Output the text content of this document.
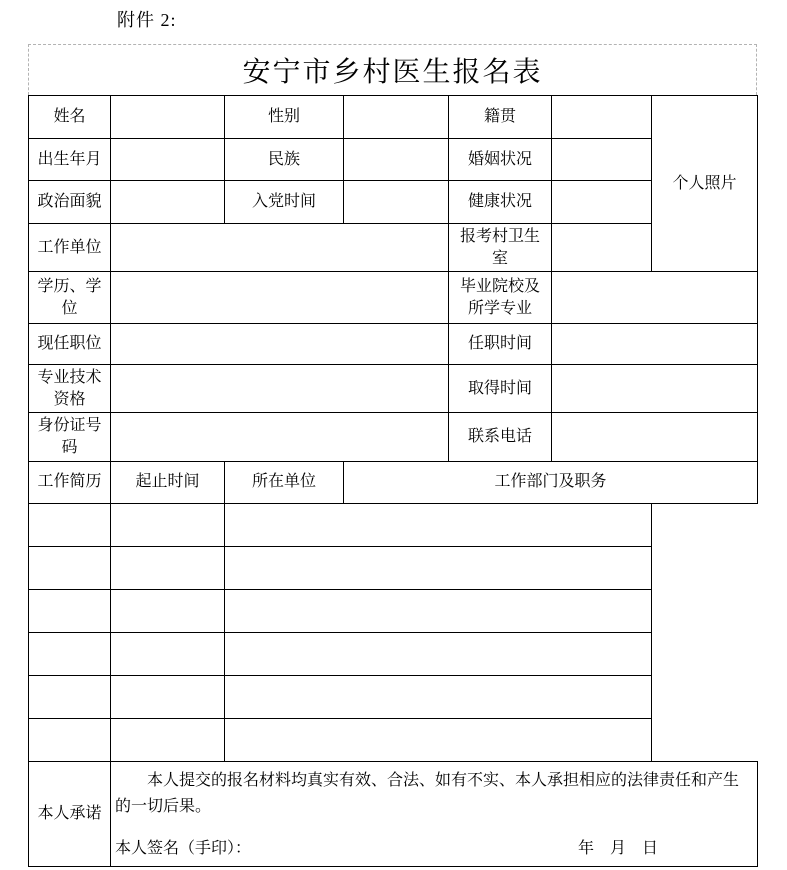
附件 2:
安宁市乡村医生报名表
姓名		性别		籍贯		个人照片
出生年月		民族		婚姻状况		
政治面貌		入党时间		健康状况		
工作单位				报考村卫生室		
学历、学位				毕业院校及所学专业		
现任职位				任职时间		
专业技术资格				取得时间		
身份证号码				联系电话		
工作简历	起止时间	所在单位	工作部门及职务			

本人承诺	本人提交的报名材料均真实有效、合法、如有不实、本人承担相应的法律责任和产生的一切后果。

本人签名（手印）： 年　月　日					
